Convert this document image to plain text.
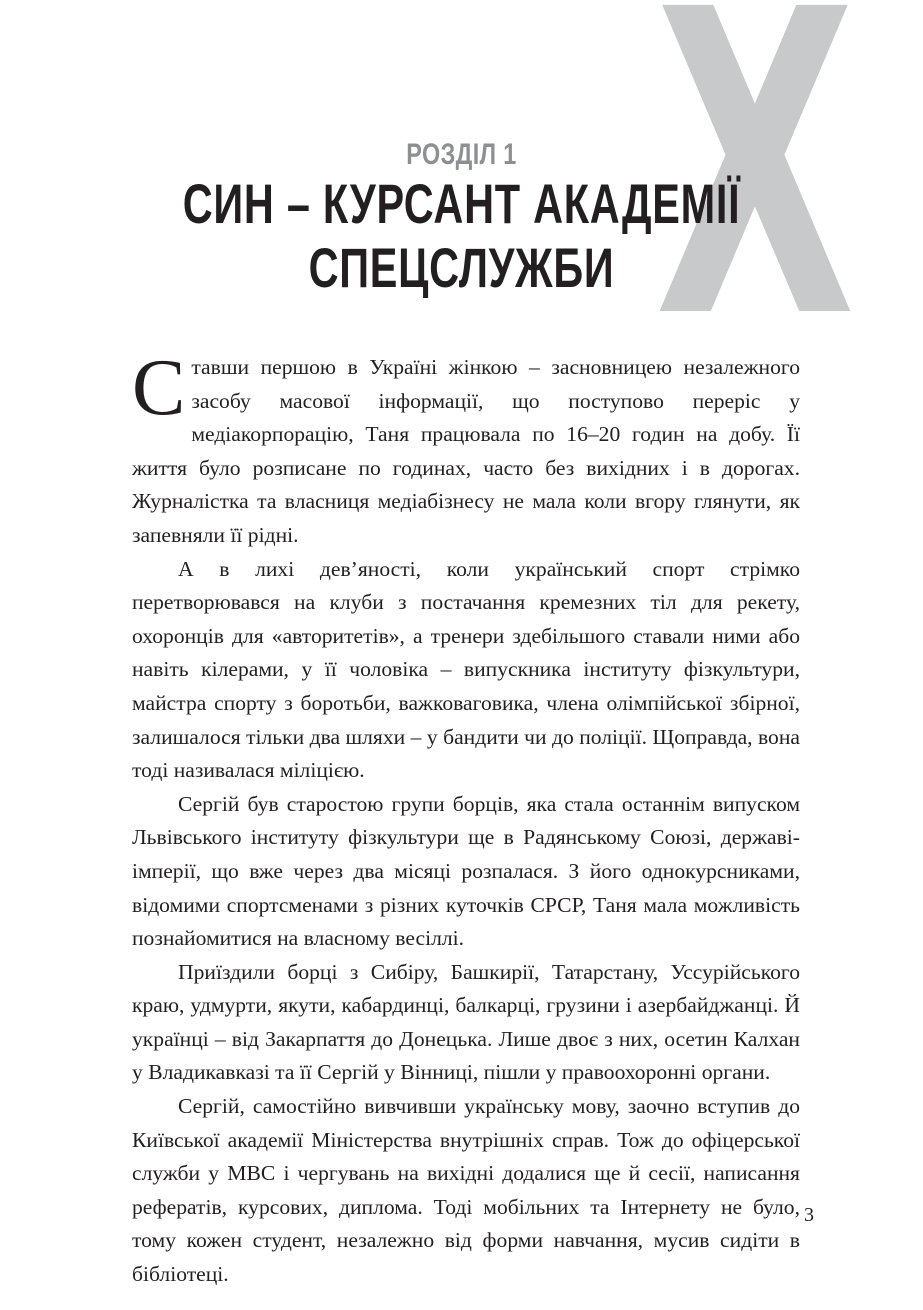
Х
РОЗДІЛ 1
СИН – КУРСАНТ АКАДЕМІЇ
СПЕЦСЛУЖБИ

Ставши першою в Україні жінкою – засновницею незалежного засобу масової інформації, що поступово переріс у медіакорпорацію, Таня працювала по 16–20 годин на добу. Її життя було розписане по годинах, часто без вихідних і в дорогах. Журналістка та власниця медіабізнесу не мала коли вгору глянути, як запевняли її рідні.

А в лихі дев’яності, коли український спорт стрімко перетворювався на клуби з постачання кремезних тіл для рекету, охоронців для «авторитетів», а тренери здебільшого ставали ними або навіть кілерами, у її чоловіка – випускника інституту фізкультури, майстра спорту з боротьби, важковаговика, члена олімпійської збірної, залишалося тільки два шляхи – у бандити чи до поліції. Щоправда, вона тоді називалася міліцією.

Сергій був старостою групи борців, яка стала останнім випуском Львівського інституту фізкультури ще в Радянському Союзі, державі-імперії, що вже через два місяці розпалася. З його однокурсниками, відомими спортсменами з різних куточків СРСР, Таня мала можливість познайомитися на власному весіллі.

Приїздили борці з Сибіру, Башкирії, Татарстану, Уссурійського краю, удмурти, якути, кабардинці, балкарці, грузини і азербайджанці. Й українці – від Закарпаття до Донецька. Лише двоє з них, осетин Калхан у Владикавказі та її Сергій у Вінниці, пішли у правоохоронні органи.

Сергій, самостійно вивчивши українську мову, заочно вступив до Київської академії Міністерства внутрішніх справ. Тож до офіцерської служби у МВС і чергувань на вихідні додалися ще й сесії, написання рефератів, курсових, диплома. Тоді мобільних та Інтернету не було, тому кожен студент, незалежно від форми навчання, мусив сидіти в бібліотеці.

3
